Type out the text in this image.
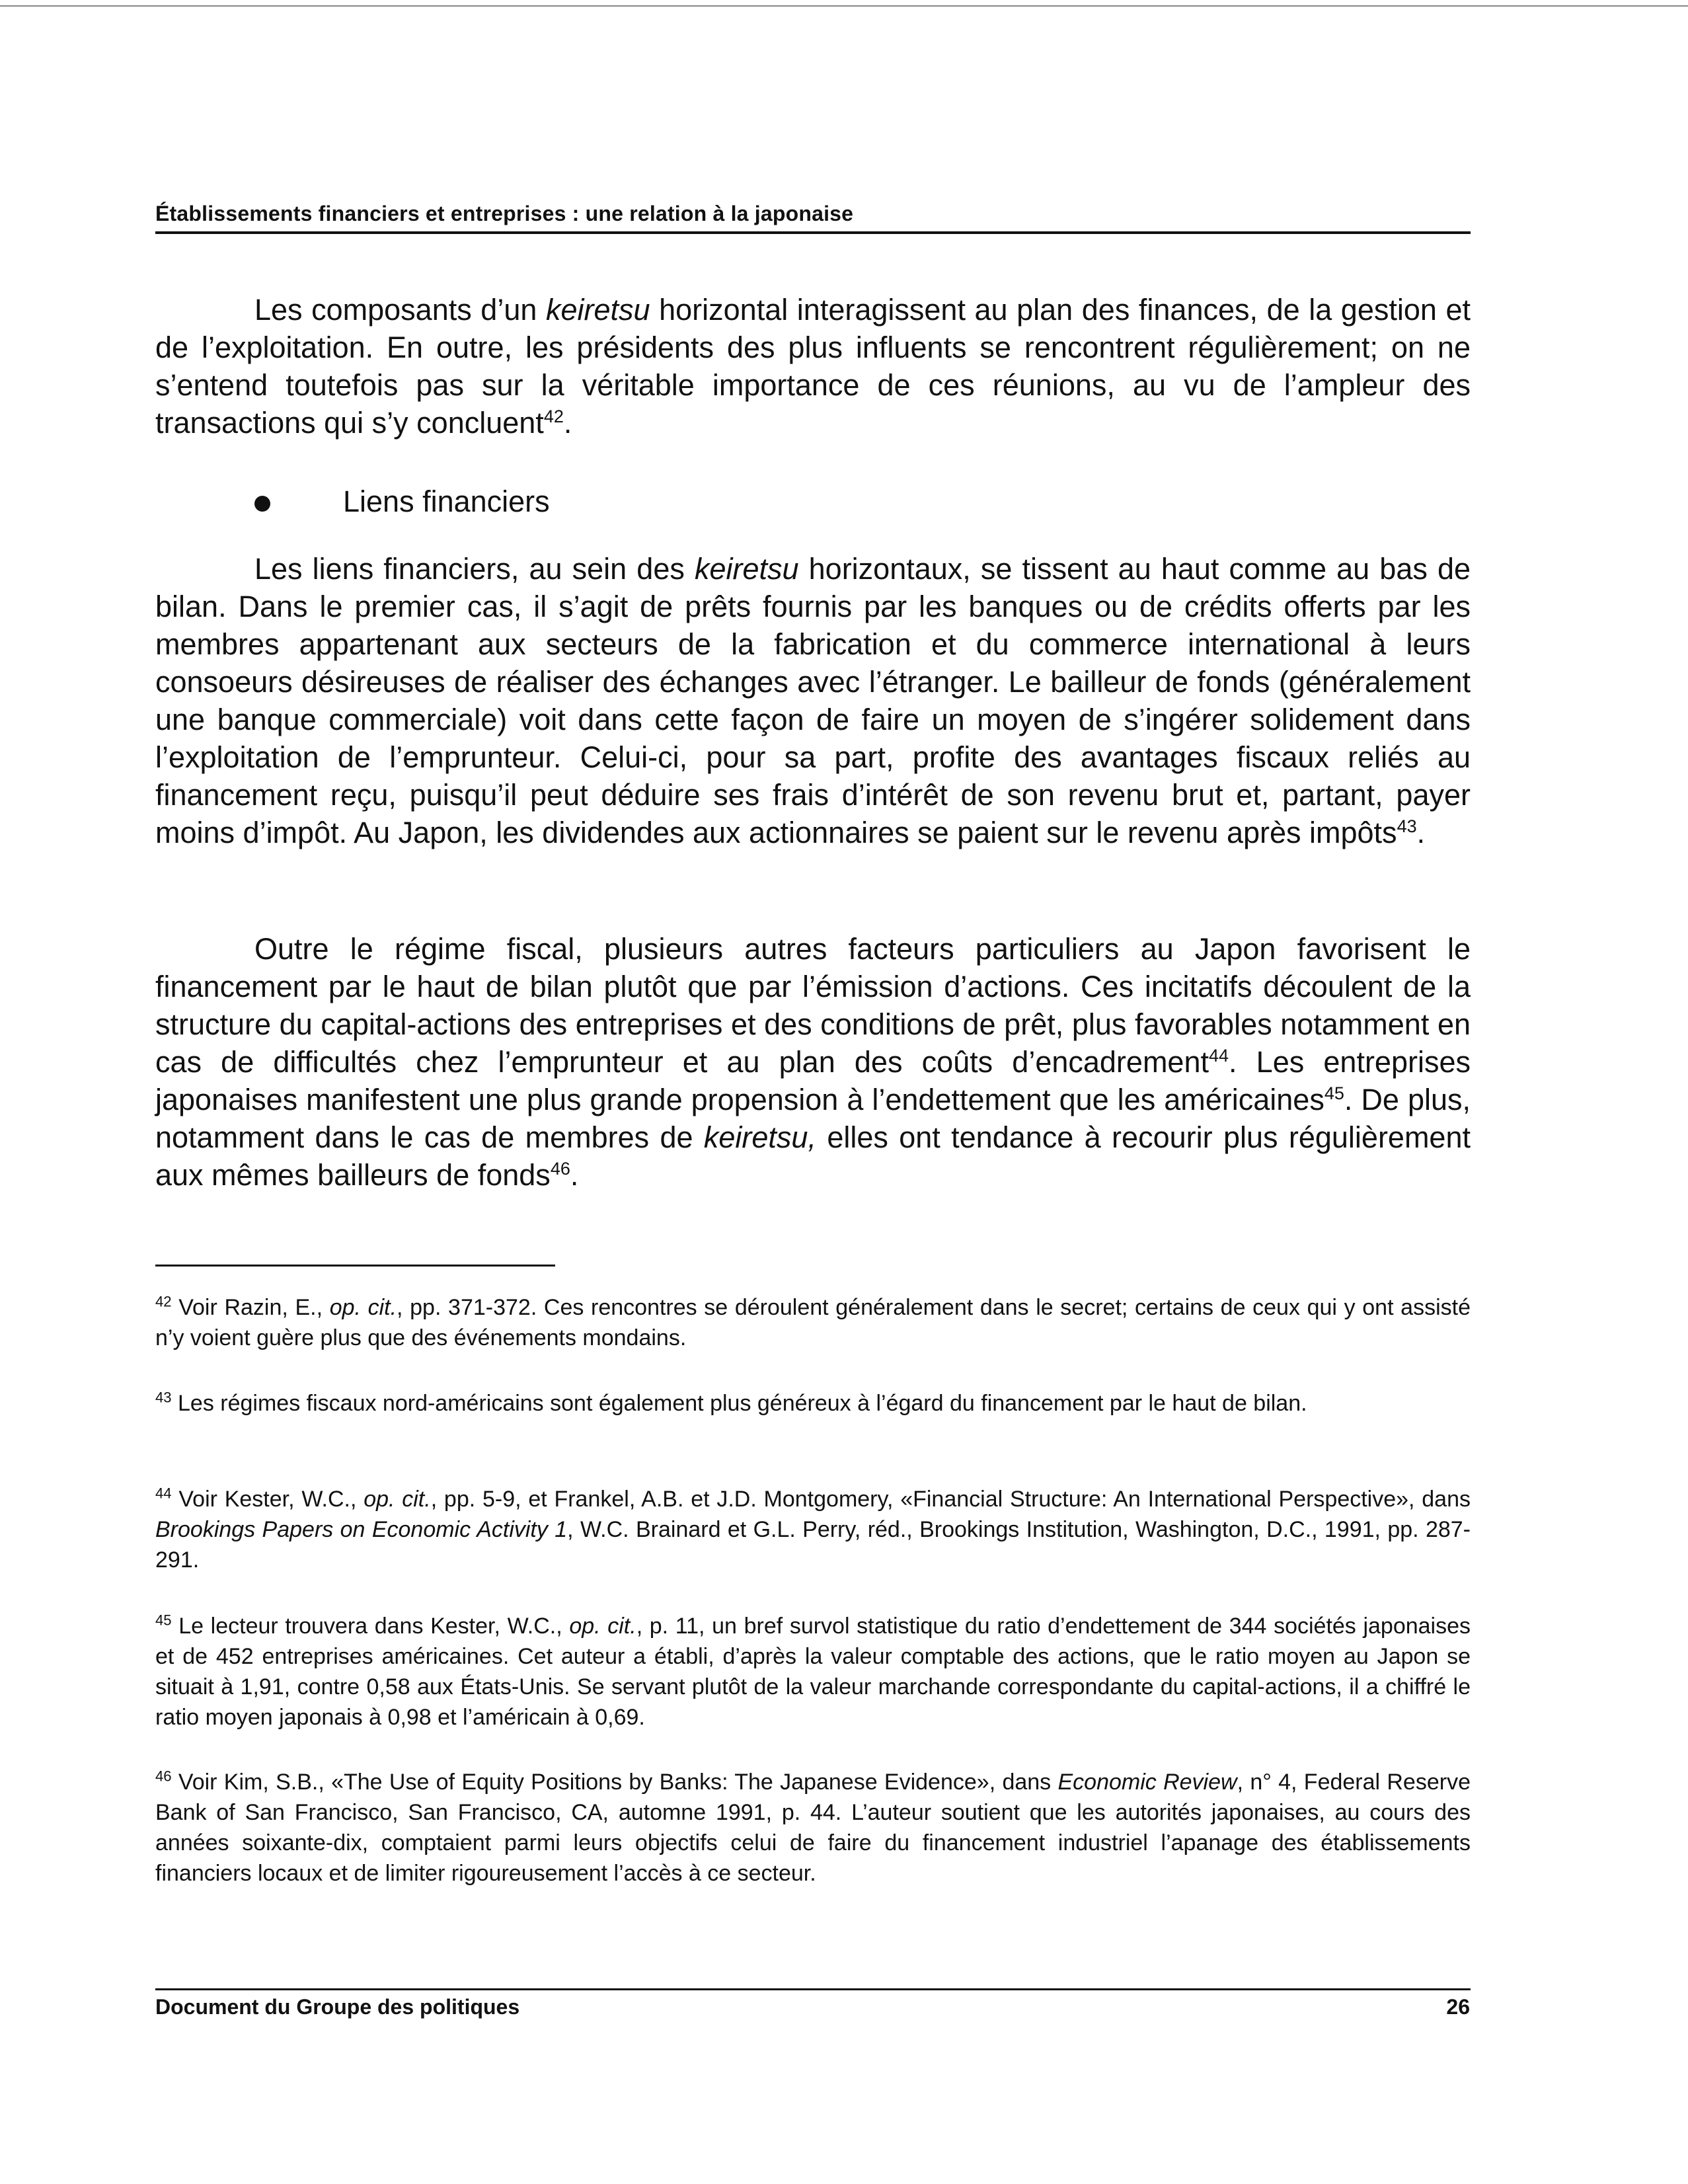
Établissements financiers et entreprises : une relation à la japonaise

Les composants d’un keiretsu horizontal interagissent au plan des finances, de la gestion et de l’exploitation. En outre, les présidents des plus influents se rencontrent régulièrement; on ne s’entend toutefois pas sur la véritable importance de ces réunions, au vu de l’ampleur des transactions qui s’y concluent$^{42}$.

Liens financiers

Les liens financiers, au sein des keiretsu horizontaux, se tissent au haut comme au bas de bilan. Dans le premier cas, il s’agit de prêts fournis par les banques ou de crédits offerts par les membres appartenant aux secteurs de la fabrication et du commerce international à leurs consoeurs désireuses de réaliser des échanges avec l’étranger. Le bailleur de fonds (généralement une banque commerciale) voit dans cette façon de faire un moyen de s’ingérer solidement dans l’exploitation de l’emprunteur. Celui-ci, pour sa part, profite des avantages fiscaux reliés au financement reçu, puisqu’il peut déduire ses frais d’intérêt de son revenu brut et, partant, payer moins d’impôt. Au Japon, les dividendes aux actionnaires se paient sur le revenu après impôts$^{43}$.

Outre le régime fiscal, plusieurs autres facteurs particuliers au Japon favorisent le financement par le haut de bilan plutôt que par l’émission d’actions. Ces incitatifs découlent de la structure du capital-actions des entreprises et des conditions de prêt, plus favorables notamment en cas de difficultés chez l’emprunteur et au plan des coûts d’encadrement$^{44}$. Les entreprises japonaises manifestent une plus grande propension à l’endettement que les américaines$^{45}$. De plus, notamment dans le cas de membres de keiretsu, elles ont tendance à recourir plus régulièrement aux mêmes bailleurs de fonds$^{46}$.

$^{42}$ Voir Razin, E., op. cit., pp. 371-372. Ces rencontres se déroulent généralement dans le secret; certains de ceux qui y ont assisté n’y voient guère plus que des événements mondains.

$^{43}$ Les régimes fiscaux nord-américains sont également plus généreux à l’égard du financement par le haut de bilan.

$^{44}$ Voir Kester, W.C., op. cit., pp. 5-9, et Frankel, A.B. et J.D. Montgomery, «Financial Structure: An International Perspective», dans Brookings Papers on Economic Activity 1, W.C. Brainard et G.L. Perry, réd., Brookings Institution, Washington, D.C., 1991, pp. 287-291.

$^{45}$ Le lecteur trouvera dans Kester, W.C., op. cit., p. 11, un bref survol statistique du ratio d’endettement de 344 sociétés japonaises et de 452 entreprises américaines. Cet auteur a établi, d’après la valeur comptable des actions, que le ratio moyen au Japon se situait à 1,91, contre 0,58 aux États-Unis. Se servant plutôt de la valeur marchande correspondante du capital-actions, il a chiffré le ratio moyen japonais à 0,98 et l’américain à 0,69.

$^{46}$ Voir Kim, S.B., «The Use of Equity Positions by Banks: The Japanese Evidence», dans Economic Review, n° 4, Federal Reserve Bank of San Francisco, San Francisco, CA, automne 1991, p. 44. L’auteur soutient que les autorités japonaises, au cours des années soixante-dix, comptaient parmi leurs objectifs celui de faire du financement industriel l’apanage des établissements financiers locaux et de limiter rigoureusement l’accès à ce secteur.

Document du Groupe des politiques	26
